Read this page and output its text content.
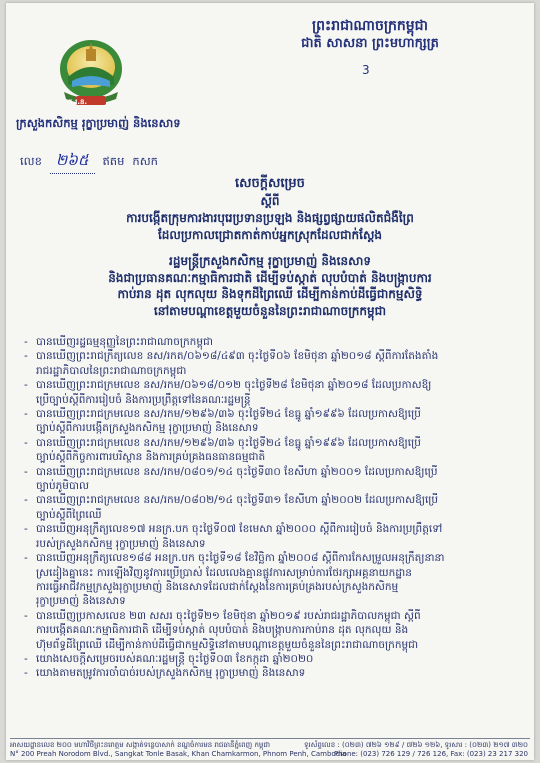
ព្រះរាជាណាចក្រកម្ពុជា
ជាតិ សាសនា ព្រះមហាក្សត្រ
3
ក.រ.ន.
ក្រសួងកសិកម្ម រុក្ខាប្រមាញ់ និងនេសាទ
លេខ ២៦៥	ឥតម កសក
សេចក្តីសម្រេច
ស្តីពី
ការបង្កើតក្រុមការងារបុរេប្រទានប្រឡង និងផ្សព្វផ្សាយផលិតជំងឺព្រៃ
ដែលប្រកាលជ្រោតកាត់កាប់អ្នកស្រុកដែលជាក់ស្តែង
រដ្ឋមន្ត្រីក្រសួងកសិកម្ម រុក្ខាប្រមាញ់ និងនេសាទ
និងជាប្រធានគណៈកម្មាធិការជាតិ ដើម្បីទប់ស្កាត់ លុបបំបាត់ និងបង្ក្រាបការ
កាប់រាន ដុត លុកលុយ និងទុកដីព្រៃឈើ ដើម្បីកាន់កាប់ដីធ្វើជាកម្មសិទ្ធិ
នៅតាមបណ្តាខេត្តមួយចំនួននៃព្រះរាជាណាចក្រកម្ពុជា
- បានឃើញរដ្ឋធម្មនុញ្ញនៃព្រះរាជាណាចក្រកម្ពុជា
- បានឃើញព្រះរាជក្រឹត្យលេខ នស/រកត/០៦១៨/៤៩៣ ចុះថ្ងៃទី០៦ ខែមិថុនា ឆ្នាំ២០១៨ ស្តីពីការតែងតាំង
រាជរដ្ឋាភិបាលនៃព្រះរាជាណាចក្រកម្ពុជា
- បានឃើញព្រះរាជក្រមលេខ នស/រកម/០៦១៨/០១២ ចុះថ្ងៃទី២៨ ខែមិថុនា ឆ្នាំ២០១៨ ដែលប្រកាសឱ្យ
ប្រើច្បាប់ស្តីពីការរៀបចំ និងការប្រព្រឹត្តទៅនៃគណៈរដ្ឋមន្ត្រី
- បានឃើញព្រះរាជក្រមលេខ នស/រកម/១២៩៦/៣៦ ចុះថ្ងៃទី២៤ ខែធ្នូ ឆ្នាំ១៩៩៦ ដែលប្រកាសឱ្យប្រើ
ច្បាប់ស្តីពីការបង្កើតក្រសួងកសិកម្ម រុក្ខាប្រមាញ់ និងនេសាទ
- បានឃើញព្រះរាជក្រមលេខ នស/រកម/១២៩៦/៣៦ ចុះថ្ងៃទី២៤ ខែធ្នូ ឆ្នាំ១៩៩៦ ដែលប្រកាសឱ្យប្រើ
ច្បាប់ស្តីពីកិច្ចការពារបរិស្ថាន និងការគ្រប់គ្រងធនធានធម្មជាតិ
- បានឃើញព្រះរាជក្រមលេខ នស/រកម/០៨០១/១៤ ចុះថ្ងៃទី៣០ ខែសីហា ឆ្នាំ២០០១ ដែលប្រកាសឱ្យប្រើ
ច្បាប់ភូមិបាល
- បានឃើញព្រះរាជក្រមលេខ នស/រកម/០៨០២/១៤ ចុះថ្ងៃទី៣១ ខែសីហា ឆ្នាំ២០០២ ដែលប្រកាសឱ្យប្រើ
ច្បាប់ស្តីពីព្រៃឈើ
- បានឃើញអនុក្រឹត្យលេខ១៧ អនក្រ.បក ចុះថ្ងៃទី០៧ ខែមេសា ឆ្នាំ២០០០ ស្តីពីការរៀបចំ និងការប្រព្រឹត្តទៅ
របស់ក្រសួងកសិកម្ម រុក្ខាប្រមាញ់ និងនេសាទ
- បានឃើញអនុក្រឹត្យលេខ១៨៨ អនក្រ.បក ចុះថ្ងៃទី១៨ ខែវិច្ឆិកា ឆ្នាំ២០០៨ ស្តីពីការកែសម្រួលអនុក្រឹត្យនានា
ស្រដៀងគ្នានេះ ការឡើងវិញនូវការប្រើប្រាស់ ដែលលេងគ្មានផ្លូវការសម្រាប់ការថែរក្សាអគ្គនាយកដ្ឋាន
ការធ្វើអាជីវកម្មក្រសួងរុក្ខាប្រមាញ់ និងនេសាទដែលជាក់ស្តែងនៃការគ្រប់គ្រងរបស់ក្រសួងកសិកម្ម
រុក្ខាប្រមាញ់ និងនេសាទ
- បានឃើញប្រកាសលេខ ២៣ សសរ ចុះថ្ងៃទី២១ ខែមិថុនា ឆ្នាំ២០១៩ របស់រាជរដ្ឋាភិបាលកម្ពុជា ស្តីពី
ការបង្កើតគណៈកម្មាធិការជាតិ ដើម្បីទប់ស្កាត់ លុបបំបាត់ និងបង្ក្រាបការកាប់រាន ដុត លុកលុយ និង
ហ៊ុមព័ទ្ធដីព្រៃឈើ ដើម្បីកាន់កាប់ដីធ្វើជាកម្មសិទ្ធិនៅតាមបណ្តាខេត្តមួយចំនួននៃព្រះរាជាណាចក្រកម្ពុជា
- យោងសេចក្តីសម្រេចរបស់គណៈរដ្ឋមន្ត្រី ចុះថ្ងៃទី០៣ ខែកក្កដា ឆ្នាំ២០២០
- យោងតាមតម្រូវការចាំបាច់របស់ក្រសួងកសិកម្ម រុក្ខាប្រមាញ់ និងនេសាទ
អាសយដ្ឋានលេខ ២០០ មហាវិថីព្រះនរោត្តម សង្កាត់ទន្លេបាសាក់ ខណ្ឌចំការមន រាជធានីភ្នំពេញ កម្ពុជា
N° 200 Preah Norodom Blvd., Sangkat Tonle Basak, Khan Chamkarmon, Phnom Penh, Cambodia
ទូរស័ព្ទលេខ : (០២៣) ៧២៦ ១២៩ / ៧២៦ ១២៦, ទូរសារ : (០២៣) ២១៧ ៣២០
Phone: (023) 726 129 / 726 126, Fax: (023) 23 217 320
